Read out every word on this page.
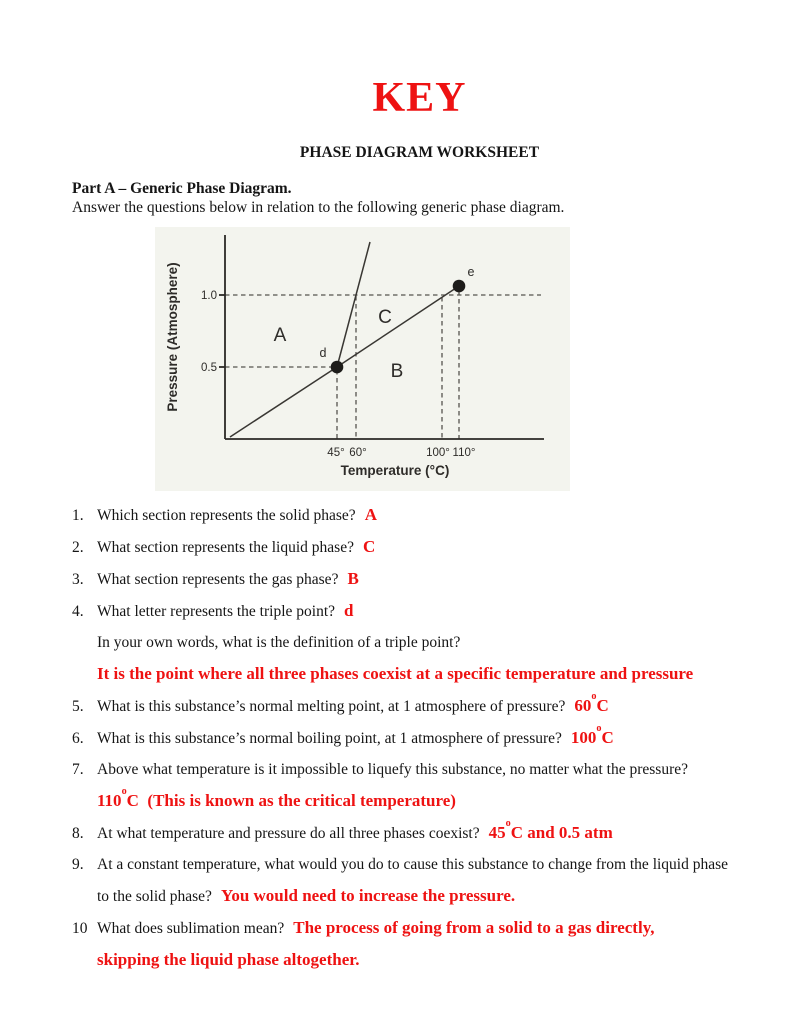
KEY
PHASE DIAGRAM WORKSHEET
Part A – Generic Phase Diagram.
Answer the questions below in relation to the following generic phase diagram.
Pressure (Atmosphere)
Temperature (°C)
1.0
0.5
45° 60°	100° 110°
A
C
B
d
e
1. Which section represents the solid phase? A
2. What section represents the liquid phase? C
3. What section represents the gas phase? B
4. What letter represents the triple point? d
In your own words, what is the definition of a triple point?
It is the point where all three phases coexist at a specific temperature and pressure
5. What is this substance’s normal melting point, at 1 atmosphere of pressure? 60$^o$C
6. What is this substance’s normal boiling point, at 1 atmosphere of pressure? 100$^o$C
7. Above what temperature is it impossible to liquefy this substance, no matter what the pressure?
110$^o$C  (This is known as the critical temperature)
8. At what temperature and pressure do all three phases coexist? 45$^o$C and 0.5 atm
9. At a constant temperature, what would you do to cause this substance to change from the liquid phase
to the solid phase? You would need to increase the pressure.
10 What does sublimation mean? The process of going from a solid to a gas directly,
skipping the liquid phase altogether.
